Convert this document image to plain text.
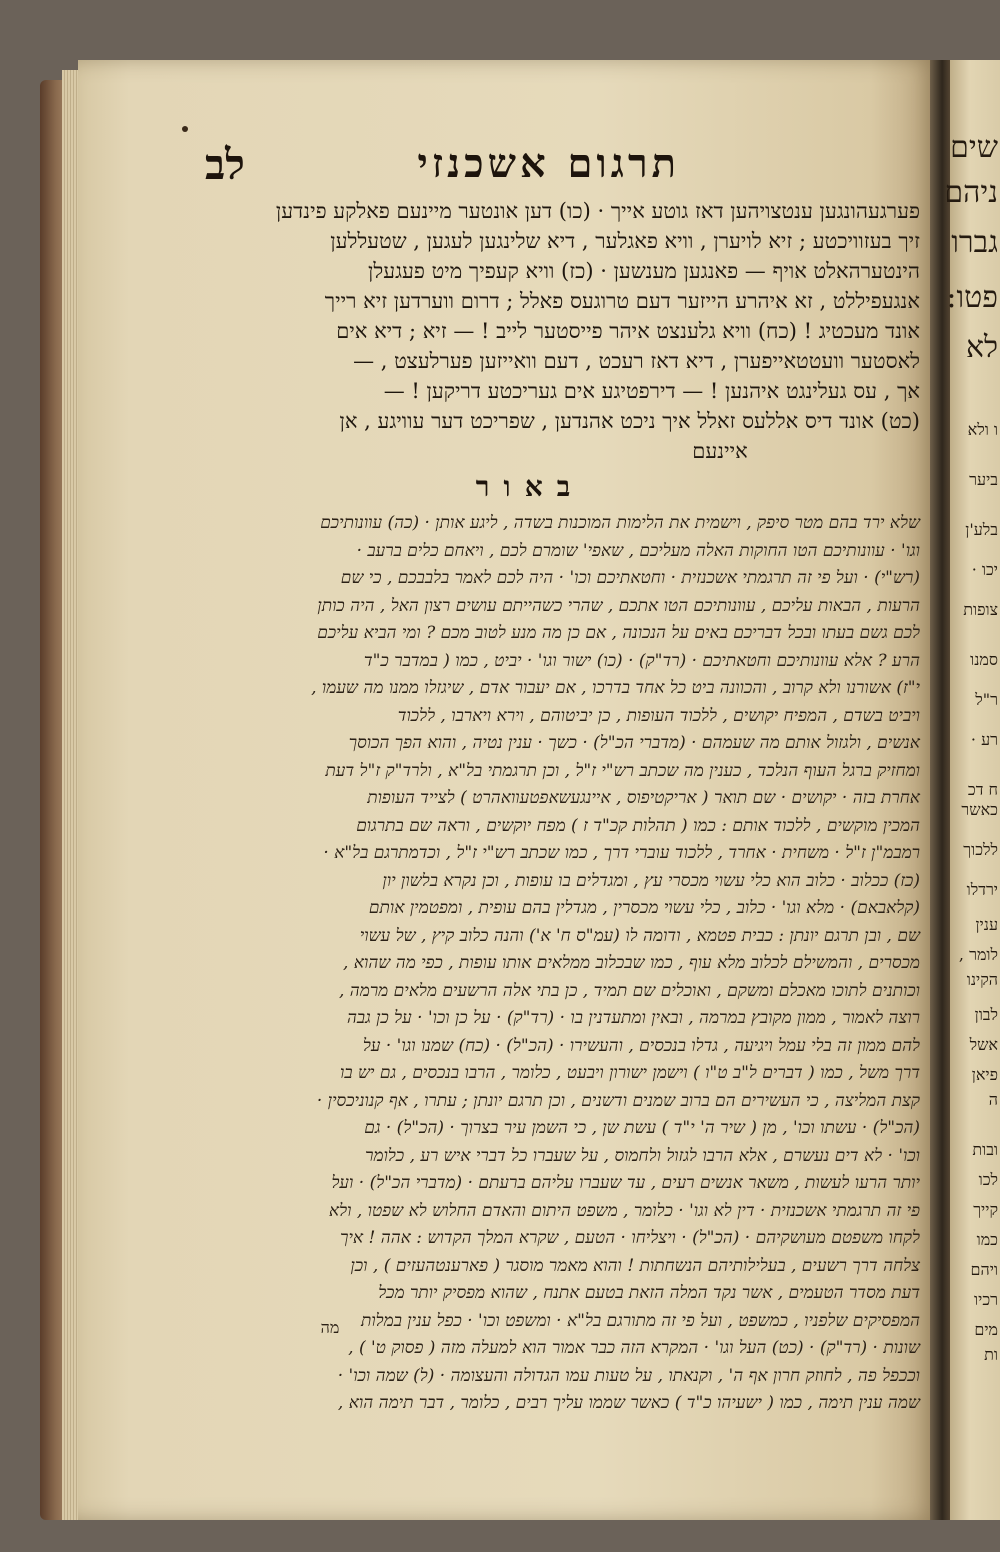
שים
ניהם
גברו
פטו:
לא
ו ולא
ביער
בלע'ן
יכו ·
צופות
סמנו
ר"ל
רע ·
ח דכ
כאשר
ללכוך
ירדלו
ענין
לומר ,
הקינו
לבון
אשל
פיאן
ה
ובות
לכו
קייך
כמו
ויהם
רכיו
מים
ות
תרגום אשכנזי
לב
פערגעהונגען ענטצויהען דאז גוטע אייך · (כו) דען אונטער מיינעם פאלקע פינדען
זיך בעזוויכטע ; זיא לויערן , וויא פאגלער , דיא שלינגען לעגען , שטעללען
הינטערהאלט אויף — פאנגען מענשען · (כז) וויא קעפיך מיט פעגעלן
אנגעפיללט , זא איהרע הייזער דעם טרוגעס פאלל ; דרום ווערדען זיא רייך
אונד מעכטיג ! (כח) וויא גלענצט איהר פייסטער לייב ! — זיא ; דיא אים
לאסטער וועטטאייפערן , דיא דאז רעכט , דעם וואייזען פערלעצט , —
אך , עס געלינגט איהנען ! — דירפטיגע אים געריכטע דריקען ! —
(כט) אונד דיס אללעס זאלל איך ניכט אהנדען , שפריכט דער עוויגע , אן
איינעם
באור
שלא ירד בהם מטר סיפק , וישמית את הלימות המוכנות בשדה , ליגע אותן · (כה) עוונותיכם
וגו' · עוונותיכם הטו החוקות האלה מעליכם , שאפי' שומרם לכם , ויאחם כלים ברעב ·
(רש"י) · ועל פי זה תרגמתי אשכנזית · וחטאתיכם וכו' · היה לכם לאמר בלבבכם , כי שם
הרעות , הבאות עליכם , עוונותיכם הטו אתכם , שהרי כשהייתם עושים רצון האל , היה כותן
לכם גשם בעתו ובכל דבריכם באים על הנכונה , אם כן מה מנע לטוב מכם ? ומי הביא עליכם
הרע ? אלא עוונותיכם וחטאתיכם · (רד"ק) · (כו) ישור וגו' · יביט , כמו ( במדבר כ"ד
י"ז) אשורנו ולא קרוב , והכוונה ביט כל אחד בדרכו , אם יעבור אדם , שיגזלו ממנו מה שעמו ,
ויביט בשדם , המפיח יקושים , ללכוד העופות , כן יביטוהם , וירא ויארבו , ללכוד
אנשים , ולגזול אותם מה שעמהם · (מדברי הכ"ל) · כשך · ענין נטיה , והוא הפך הכוסך
ומחזיק ברגל העוף הנלכד , כענין מה שכתב רש"י ז"ל , וכן תרגמתי בל"א , ולרד"ק ז"ל דעת
אחרת בזה · יקושים · שם תואר ( אריקטיפוס , איינגעשאפטעוואהרט ) לצייד העופות
המכין מוקשים , ללכוד אותם : כמו ( תהלות קכ"ד ז ) מפח יוקשים , וראה שם בתרגום
רמבמ"ן ז"ל · משחית · אחרד , ללכוד עוברי דרך , כמו שכתב רש"י ז"ל , וכדמתרגם בל"א ·
(כז) ככלוב · כלוב הוא כלי עשוי מכסרי עץ , ומגדלים בו עופות , וכן נקרא בלשון יון
(קלאבאם) · מלא וגו' · כלוב , כלי עשוי מכסרין , מגדלין בהם עופית , ומפטמין אותם
שם , ובן תרגם יונתן : כבית פטמא , ודומה לו (עמ"ס ח' א') והנה כלוב קיץ , של עשוי
מכסרים , והמשילם לכלוב מלא עוף , כמו שבכלוב ממלאים אותו עופות , כפי מה שהוא ,
וכותנים לתוכו מאכלם ומשקם , ואוכלים שם תמיד , כן בתי אלה הרשעים מלאים מרמה ,
רוצה לאמור , ממון מקובץ במרמה , ובאין ומתעדנין בו · (רד"ק) · על כן וכו' · על כן גבה
להם ממון זה בלי עמל ויגיעה , גדלו בנכסים , והעשירו · (הכ"ל) · (כח) שמנו וגו' · על
דרך משל , כמו ( דברים ל"ב ט"ו ) וישמן ישורון ויבעט , כלומר , הרבו בנכסים , גם יש בו
קצת המליצה , כי העשירים הם ברוב שמנים ודשנים , וכן תרגם יונתן ; עתרו , אף קנוניכסין ·
(הכ"ל) · עשתו וכו' , מן ( שיר ה' י"ד ) עשת שן , כי השמן עיר בצרוך · (הכ"ל) · גם
וכו' · לא דים נעשרם , אלא הרבו לגזול ולחמוס , על שעברו כל דברי איש רע , כלומר
יותר הרעו לעשות , משאר אנשים רעים , עד שעברו עליהם ברעתם · (מדברי הכ"ל) · ועל
פי זה תרגמתי אשכנזית · דין לא וגו' · כלומר , משפט היתום והאדם החלוש לא שפטו , ולא
לקחו משפטם מעושקיהם · (הכ"ל) · ויצליחו · הטעם , שקרא המלך הקדוש : אהה ! איך
צלחה דרך רשעים , בעלילותיהם הנשחתות ! והוא מאמר מוסגר ( פארענטהעזים ) , וכן
דעת מסדר הטעמים , אשר נקד המלה הזאת בטעם אתנח , שהוא מפסיק יותר מכל
המפסיקים שלפניו , כמשפט , ועל פי זה מתורגם בל"א · ומשפט וכו' · כפל ענין במלות
שונות · (רד"ק) · (כט) העל וגו' · המקרא הזה כבר אמור הוא למעלה מזה ( פסוק ט' ) ,
וככפל פה , לחוזק חרון אף ה' , וקנאתו , על טעות עמו הגדולה והעצומה · (ל) שמה וכו' ·
שמה ענין תימה , כמו ( ישעיהו כ"ד ) כאשר שממו עליך רבים , כלומר , דבר תימה הוא ,
מה
